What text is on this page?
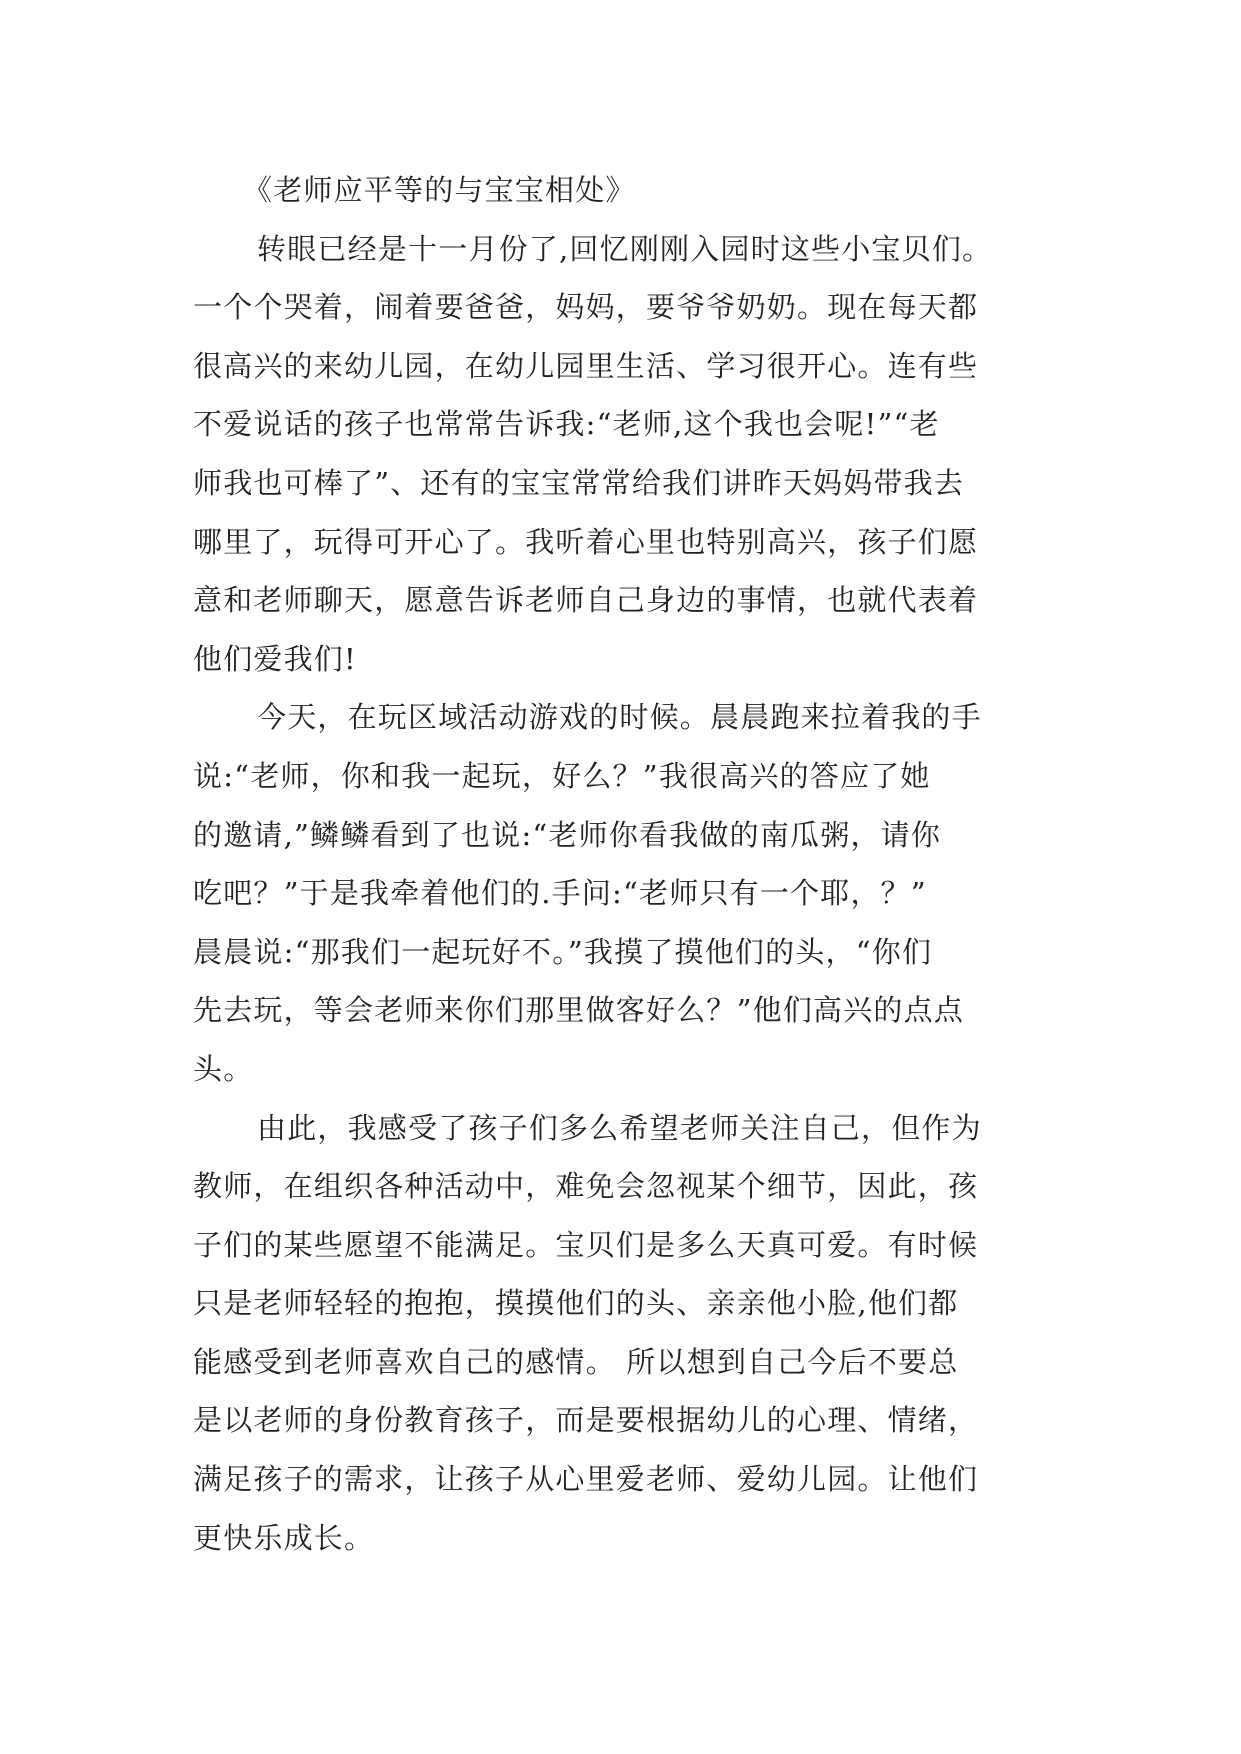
《老师应平等的与宝宝相处》

转眼已经是十一月份了,回忆刚刚入园时这些小宝贝们。
一个个哭着，闹着要爸爸，妈妈，要爷爷奶奶。现在每天都
很高兴的来幼儿园，在幼儿园里生活、学习很开心。连有些
不爱说话的孩子也常常告诉我:“老师,这个我也会呢!”“老
师我也可棒了”、还有的宝宝常常给我们讲昨天妈妈带我去
哪里了，玩得可开心了。我听着心里也特别高兴，孩子们愿
意和老师聊天，愿意告诉老师自己身边的事情，也就代表着
他们爱我们!

今天，在玩区域活动游戏的时候。晨晨跑来拉着我的手
说:“老师，你和我一起玩，好么？”我很高兴的答应了她
的邀请,”鳞鳞看到了也说:“老师你看我做的南瓜粥，请你
吃吧？”于是我牵着他们的.手问:“老师只有一个耶，？”
晨晨说:“那我们一起玩好不。”我摸了摸他们的头，“你们
先去玩，等会老师来你们那里做客好么？”他们高兴的点点
头。

由此，我感受了孩子们多么希望老师关注自己，但作为
教师，在组织各种活动中，难免会忽视某个细节，因此，孩
子们的某些愿望不能满足。宝贝们是多么天真可爱。有时候
只是老师轻轻的抱抱，摸摸他们的头、亲亲他小脸,他们都
能感受到老师喜欢自己的感情。 所以想到自己今后不要总
是以老师的身份教育孩子，而是要根据幼儿的心理、情绪，
满足孩子的需求，让孩子从心里爱老师、爱幼儿园。让他们
更快乐成长。
